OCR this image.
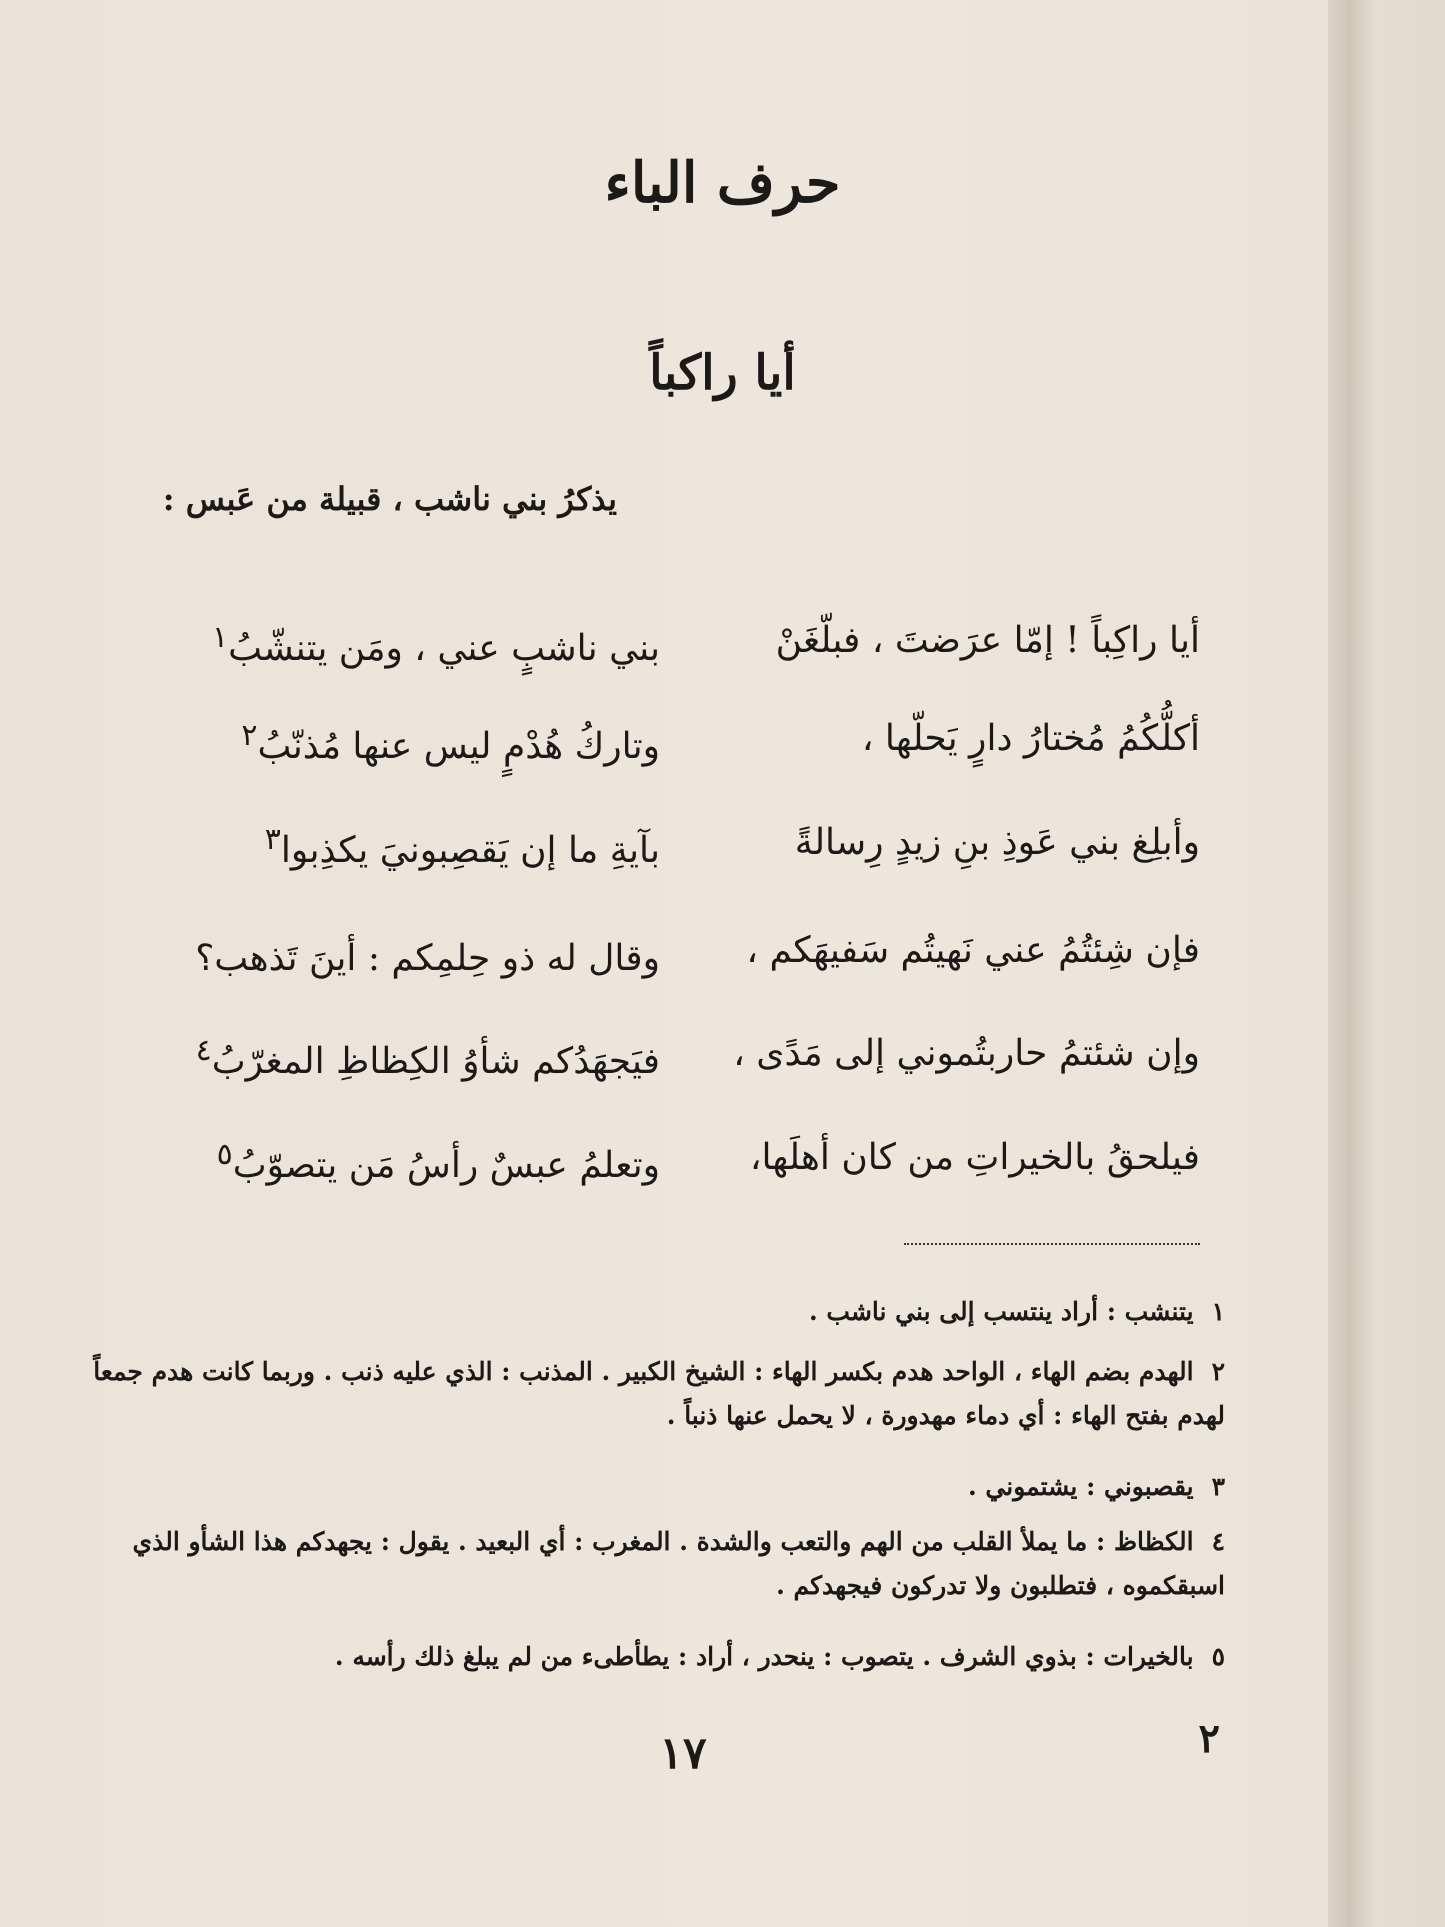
حرف الباء
أيا راكباً
يذكرُ بني ناشب ، قبيلة من عَبس :
أيا راكِباً ! إمّا عرَضتَ ، فبلّغَنْ
بني ناشبٍ عني ، ومَن يتنشّبُ$^١$
أكلُّكُمُ مُختارُ دارٍ يَحلّها ،
وتاركُ هُدْمٍ ليس عنها مُذنّبُ$^٢$
وأبلِغ بني عَوذِ بنِ زيدٍ رِسالةً
بآيةِ ما إن يَقصِبونيَ يكذِبوا$^٣$
فإن شِئتُمُ عني نَهيتُم سَفيهَكم ،
وقال له ذو حِلمِكم : أينَ تَذهب؟
وإن شئتمُ حاربتُموني إلى مَدًى ،
فيَجهَدُكم شأوُ الكِظاظِ المغرّبُ$^٤$
فيلحقُ بالخيراتِ من كان أهلَها،
وتعلمُ عبسٌ رأسُ مَن يتصوّبُ$^٥$
١يتنشب : أراد ينتسب إلى بني ناشب .
٢الهدم بضم الهاء ، الواحد هدم بكسر الهاء : الشيخ الكبير . المذنب : الذي عليه ذنب . وربما كانت هدم جمعاً لهدم بفتح الهاء : أي دماء مهدورة ، لا يحمل عنها ذنباً .
٣يقصبوني : يشتموني .
٤الكظاظ : ما يملأ القلب من الهم والتعب والشدة . المغرب : أي البعيد . يقول : يجهدكم هذا الشأو الذي اسبقكموه ، فتطلبون ولا تدركون فيجهدكم .
٥بالخيرات : بذوي الشرف . يتصوب : ينحدر ، أراد : يطأطىء من لم يبلغ ذلك رأسه .
٢
١٧
